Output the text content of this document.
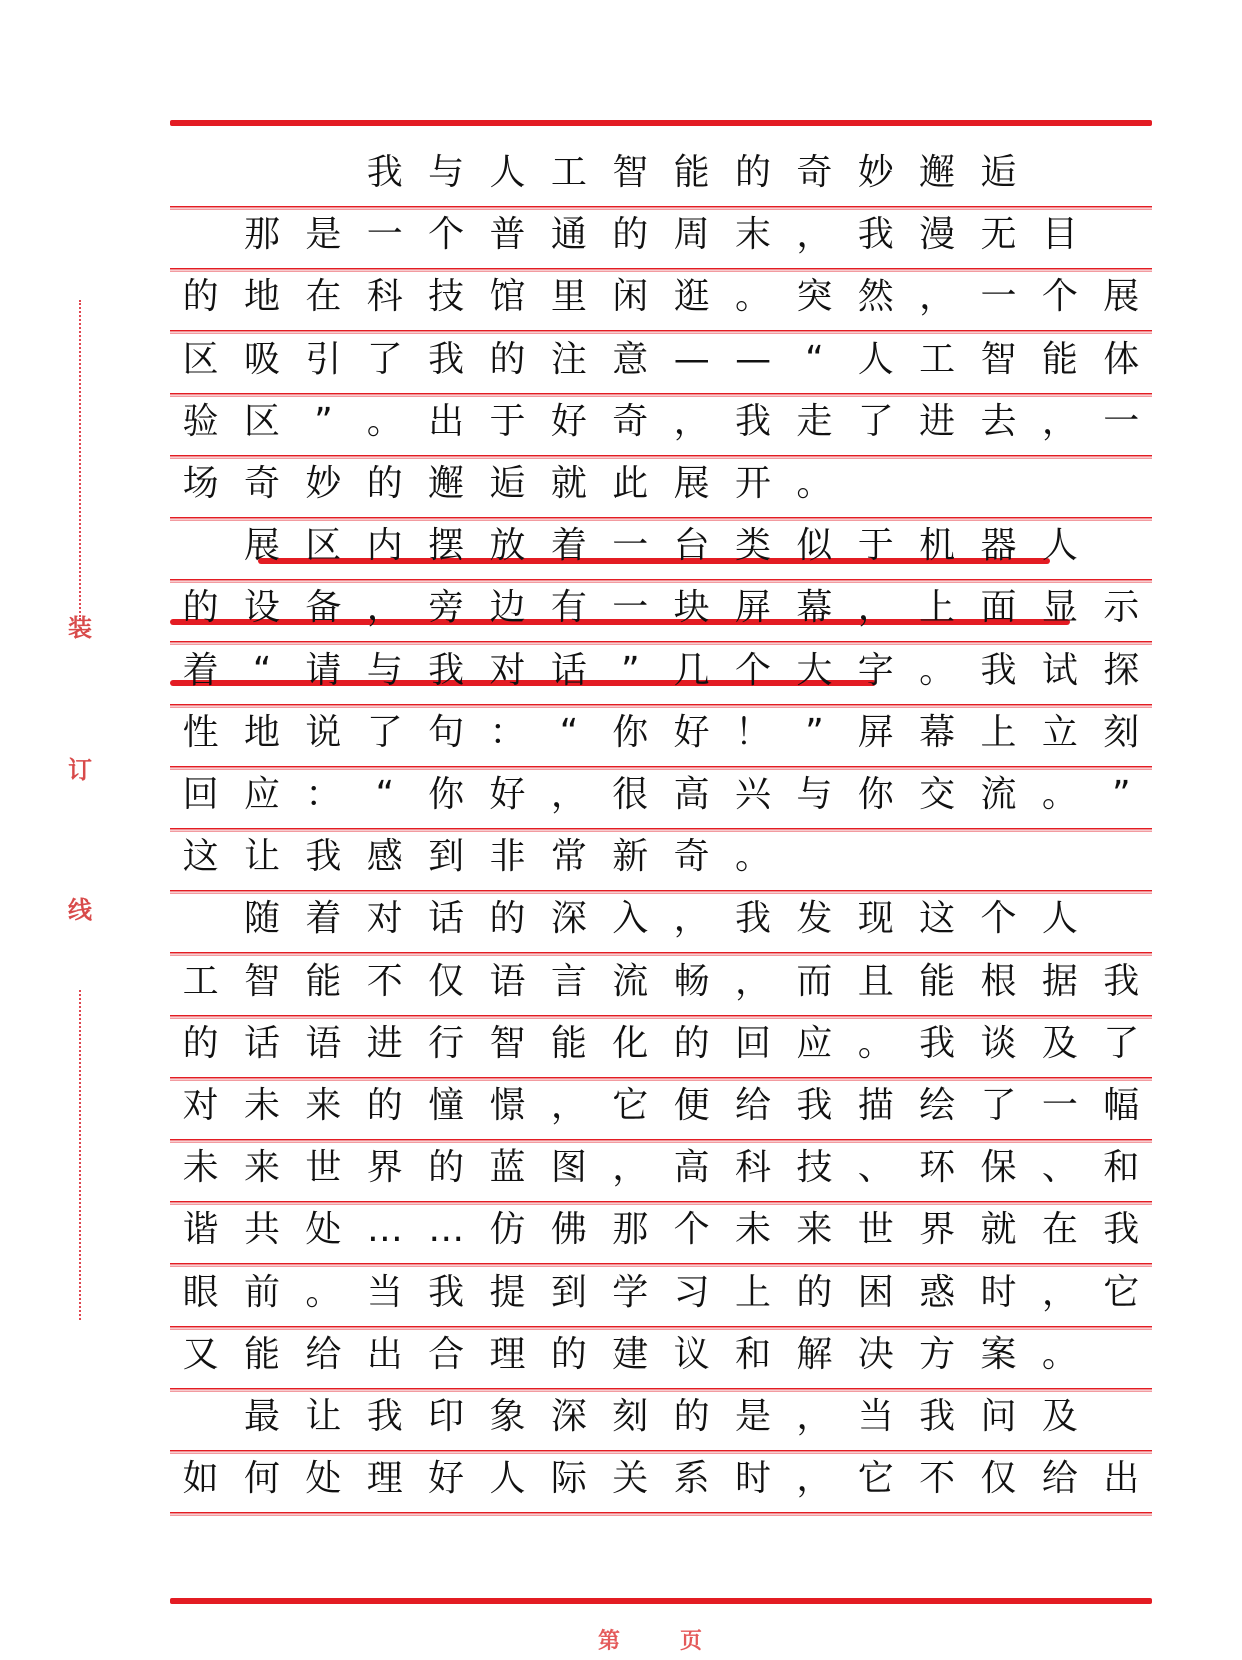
装
订
线
我 与 人 工 智 能 的 奇 妙 邂 逅
那 是 一 个 普 通 的 周 末 ， 我 漫 无 目
的 地 在 科 技 馆 里 闲 逛 。 突 然 ， 一 个 展
区 吸 引 了 我 的 注 意 — — “ 人 工 智 能 体
验 区 ” 。 出 于 好 奇 ， 我 走 了 进 去 ， 一
场 奇 妙 的 邂 逅 就 此 展 开 。
展 区 内 摆 放 着 一 台 类 似 于 机 器 人
的 设 备 ， 旁 边 有 一 块 屏 幕 ， 上 面 显 示
着 “ 请 与 我 对 话 ” 几 个 大 字 。 我 试 探
性 地 说 了 句 ： “ 你 好 ！ ” 屏 幕 上 立 刻
回 应 ： “ 你 好 ， 很 高 兴 与 你 交 流 。 ”
这 让 我 感 到 非 常 新 奇 。
随 着 对 话 的 深 入 ， 我 发 现 这 个 人
工 智 能 不 仅 语 言 流 畅 ， 而 且 能 根 据 我
的 话 语 进 行 智 能 化 的 回 应 。 我 谈 及 了
对 未 来 的 憧 憬 ， 它 便 给 我 描 绘 了 一 幅
未 来 世 界 的 蓝 图 ， 高 科 技 、 环 保 、 和
谐 共 处 … … 仿 佛 那 个 未 来 世 界 就 在 我
眼 前 。 当 我 提 到 学 习 上 的 困 惑 时 ， 它
又 能 给 出 合 理 的 建 议 和 解 决 方 案 。
最 让 我 印 象 深 刻 的 是 ， 当 我 问 及
如 何 处 理 好 人 际 关 系 时 ， 它 不 仅 给 出
第	页
